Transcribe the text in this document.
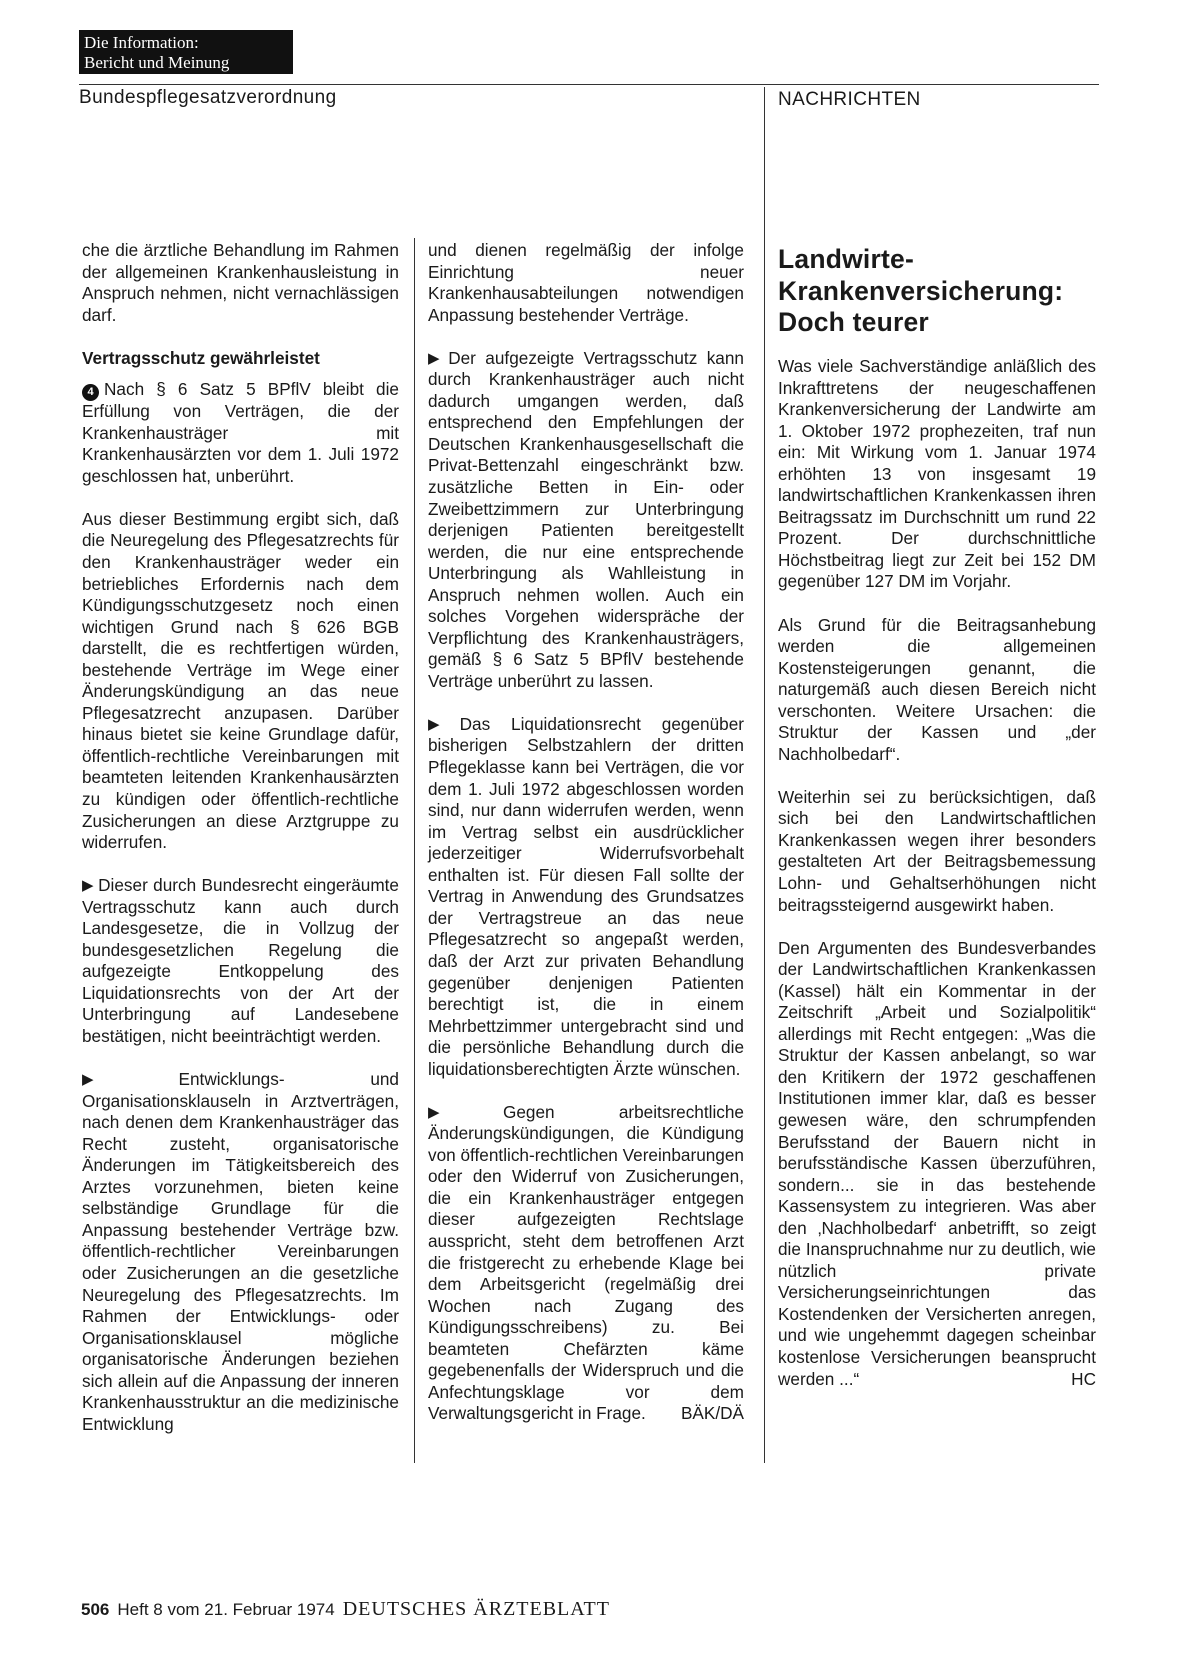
Die Information:
Bericht und Meinung
Bundespflegesatzverordnung	NACHRICHTEN

che die ärztliche Behandlung im Rahmen der allgemeinen Krankenhausleistung in Anspruch nehmen, nicht vernachlässigen darf.

Vertragsschutz gewährleistet

4 Nach § 6 Satz 5 BPflV bleibt die Erfüllung von Verträgen, die der Krankenhausträger mit Krankenhausärzten vor dem 1. Juli 1972 geschlossen hat, unberührt.

Aus dieser Bestimmung ergibt sich, daß die Neuregelung des Pflegesatzrechts für den Krankenhausträger weder ein betriebliches Erfordernis nach dem Kündigungsschutzgesetz noch einen wichtigen Grund nach § 626 BGB darstellt, die es rechtfertigen würden, bestehende Verträge im Wege einer Änderungskündigung an das neue Pflegesatzrecht anzupasen. Darüber hinaus bietet sie keine Grundlage dafür, öffentlich-rechtliche Vereinbarungen mit beamteten leitenden Krankenhausärzten zu kündigen oder öffentlich-rechtliche Zusicherungen an diese Arztgruppe zu widerrufen.

▶ Dieser durch Bundesrecht eingeräumte Vertragsschutz kann auch durch Landesgesetze, die in Vollzug der bundesgesetzlichen Regelung die aufgezeigte Entkoppelung des Liquidationsrechts von der Art der Unterbringung auf Landesebene bestätigen, nicht beeinträchtigt werden.

▶ Entwicklungs- und Organisationsklauseln in Arztverträgen, nach denen dem Krankenhausträger das Recht zusteht, organisatorische Änderungen im Tätigkeitsbereich des Arztes vorzunehmen, bieten keine selbständige Grundlage für die Anpassung bestehender Verträge bzw. öffentlich-rechtlicher Vereinbarungen oder Zusicherungen an die gesetzliche Neuregelung des Pflegesatzrechts. Im Rahmen der Entwicklungs- oder Organisationsklausel mögliche organisatorische Änderungen beziehen sich allein auf die Anpassung der inneren Krankenhausstruktur an die medizinische Entwicklung

und dienen regelmäßig der infolge Einrichtung neuer Krankenhausabteilungen notwendigen Anpassung bestehender Verträge.

▶ Der aufgezeigte Vertragsschutz kann durch Krankenhausträger auch nicht dadurch umgangen werden, daß entsprechend den Empfehlungen der Deutschen Krankenhausgesellschaft die Privat-Bettenzahl eingeschränkt bzw. zusätzliche Betten in Ein- oder Zweibettzimmern zur Unterbringung derjenigen Patienten bereitgestellt werden, die nur eine entsprechende Unterbringung als Wahlleistung in Anspruch nehmen wollen. Auch ein solches Vorgehen widerspräche der Verpflichtung des Krankenhausträgers, gemäß § 6 Satz 5 BPflV bestehende Verträge unberührt zu lassen.

▶ Das Liquidationsrecht gegenüber bisherigen Selbstzahlern der dritten Pflegeklasse kann bei Verträgen, die vor dem 1. Juli 1972 abgeschlossen worden sind, nur dann widerrufen werden, wenn im Vertrag selbst ein ausdrücklicher jederzeitiger Widerrufsvorbehalt enthalten ist. Für diesen Fall sollte der Vertrag in Anwendung des Grundsatzes der Vertragstreue an das neue Pflegesatzrecht so angepaßt werden, daß der Arzt zur privaten Behandlung gegenüber denjenigen Patienten berechtigt ist, die in einem Mehrbettzimmer untergebracht sind und die persönliche Behandlung durch die liquidationsberechtigten Ärzte wünschen.

▶ Gegen arbeitsrechtliche Änderungskündigungen, die Kündigung von öffentlich-rechtlichen Vereinbarungen oder den Widerruf von Zusicherungen, die ein Krankenhausträger entgegen dieser aufgezeigten Rechtslage ausspricht, steht dem betroffenen Arzt die fristgerecht zu erhebende Klage bei dem Arbeitsgericht (regelmäßig drei Wochen nach Zugang des Kündigungsschreibens) zu. Bei beamteten Chefärzten käme gegebenenfalls der Widerspruch und die Anfechtungsklage vor dem Verwaltungsgericht in Frage. BÄK/DÄ

Landwirte-
Krankenversicherung:
Doch teurer

Was viele Sachverständige anläßlich des Inkrafttretens der neugeschaffenen Krankenversicherung der Landwirte am 1. Oktober 1972 prophezeiten, traf nun ein: Mit Wirkung vom 1. Januar 1974 erhöhten 13 von insgesamt 19 landwirtschaftlichen Krankenkassen ihren Beitragssatz im Durchschnitt um rund 22 Prozent. Der durchschnittliche Höchstbeitrag liegt zur Zeit bei 152 DM gegenüber 127 DM im Vorjahr.

Als Grund für die Beitragsanhebung werden die allgemeinen Kostensteigerungen genannt, die naturgemäß auch diesen Bereich nicht verschonten. Weitere Ursachen: die Struktur der Kassen und „der Nachholbedarf“.

Weiterhin sei zu berücksichtigen, daß sich bei den Landwirtschaftlichen Krankenkassen wegen ihrer besonders gestalteten Art der Beitragsbemessung Lohn- und Gehaltserhöhungen nicht beitragssteigernd ausgewirkt haben.

Den Argumenten des Bundesverbandes der Landwirtschaftlichen Krankenkassen (Kassel) hält ein Kommentar in der Zeitschrift „Arbeit und Sozialpolitik“ allerdings mit Recht entgegen: „Was die Struktur der Kassen anbelangt, so war den Kritikern der 1972 geschaffenen Institutionen immer klar, daß es besser gewesen wäre, den schrumpfenden Berufsstand der Bauern nicht in berufsständische Kassen überzuführen, sondern... sie in das bestehende Kassensystem zu integrieren. Was aber den ‚Nachholbedarf‘ anbetrifft, so zeigt die Inanspruchnahme nur zu deutlich, wie nützlich private Versicherungseinrichtungen das Kostendenken der Versicherten anregen, und wie ungehemmt dagegen scheinbar kostenlose Versicherungen beansprucht werden ...“	HC

506 Heft 8 vom 21. Februar 1974 DEUTSCHES ÄRZTEBLATT
